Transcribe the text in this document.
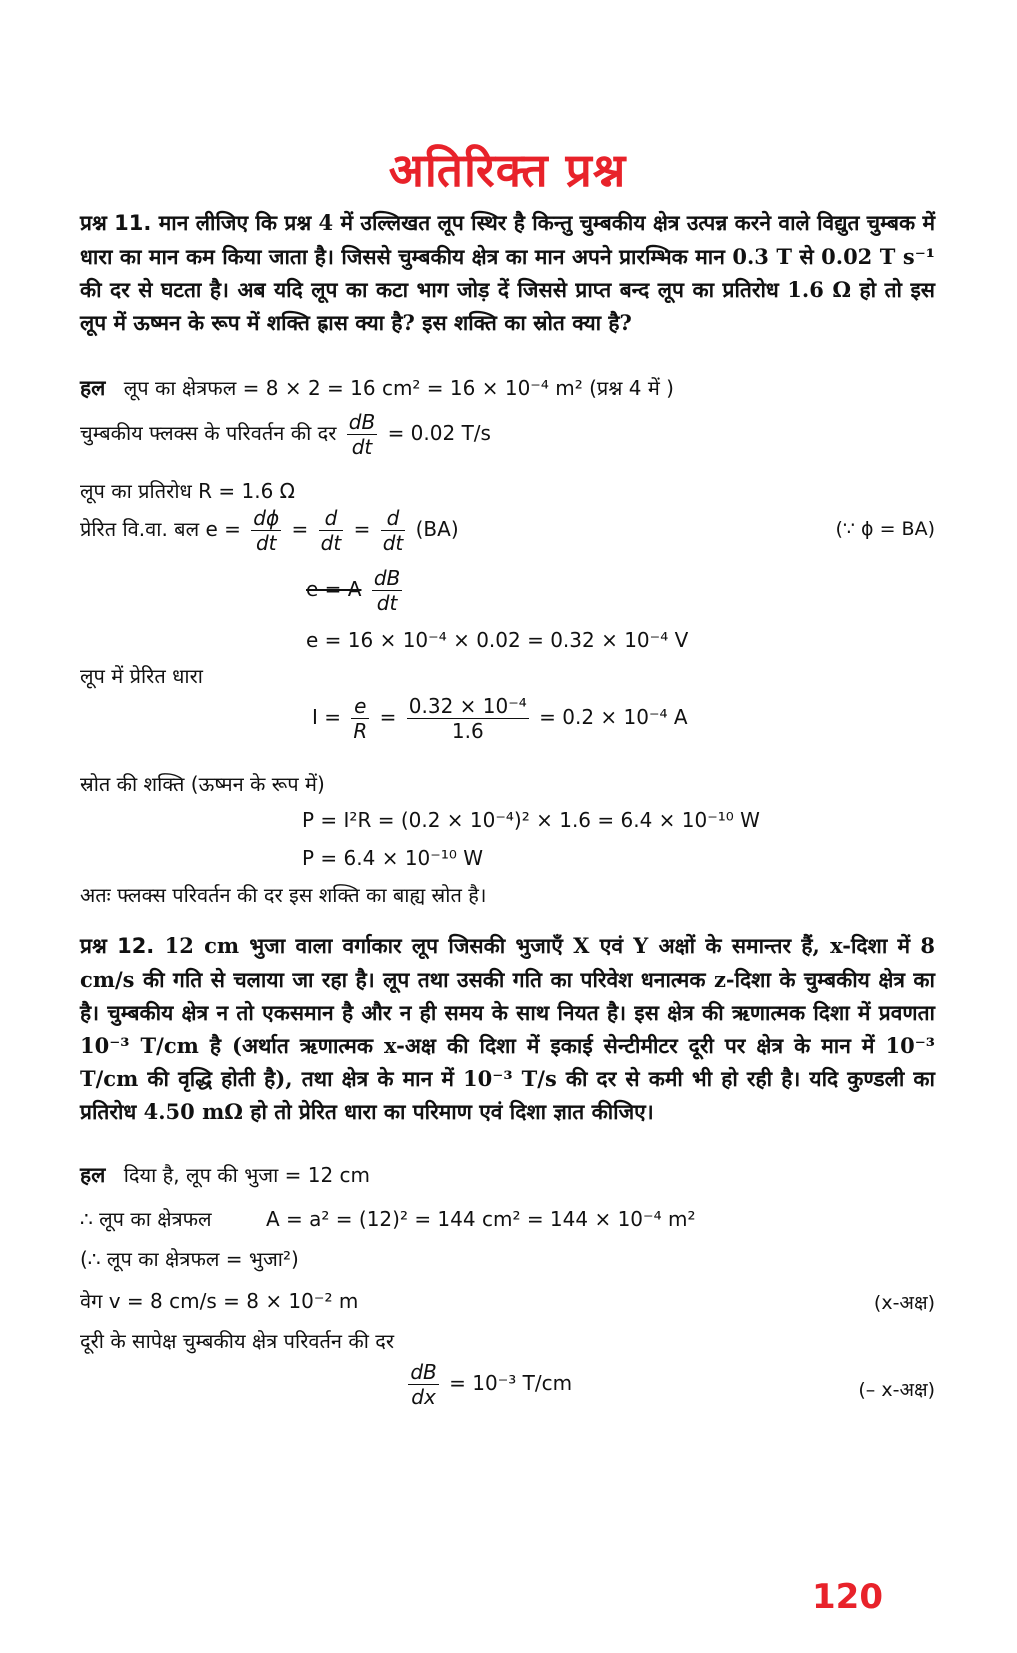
अतिरिक्त प्रश्न
प्रश्न 11. मान लीजिए कि प्रश्न 4 में उल्लिखत लूप स्थिर है किन्तु चुम्बकीय क्षेत्र उत्पन्न करने वाले विद्युत चुम्बक में धारा का मान कम किया जाता है। जिससे चुम्बकीय क्षेत्र का मान अपने प्रारम्भिक मान 0.3 T से 0.02 T s⁻¹ की दर से घटता है। अब यदि लूप का कटा भाग जोड़ दें जिससे प्राप्त बन्द लूप का प्रतिरोध 1.6 Ω हो तो इस लूप में ऊष्मन के रूप में शक्ति ह्रास क्या है? इस शक्ति का स्रोत क्या है?
हल लूप का क्षेत्रफल = 8 × 2 = 16 cm² = 16 × 10⁻⁴ m² (प्रश्न 4 में )
चुम्बकीय फ्लक्स के परिवर्तन की दर $\frac{dB}{dt} = 0.02$ T/s
लूप का प्रतिरोध R = 1.6 Ω
प्रेरित वि.वा. बल $e = \frac{d\phi}{dt} = \frac{d}{dt} = \frac{d}{dt} (BA)$	(∵ ϕ = BA)
e = A $\frac{dB}{dt}$
e = 16 × 10⁻⁴ × 0.02 = 0.32 × 10⁻⁴ V
लूप में प्रेरित धारा
$I = \frac{e}{R} = \frac{\text{0.32 × 10⁻⁴}}{1.6} = 0.2 \times 10^{-4}$ A
स्रोत की शक्ति (ऊष्मन के रूप में)
P = I²R = (0.2 × 10⁻⁴)² × 1.6 = 6.4 × 10⁻¹⁰ W
P = 6.4 × 10⁻¹⁰ W
अतः फ्लक्स परिवर्तन की दर इस शक्ति का बाह्य स्रोत है।
प्रश्न 12. 12 cm भुजा वाला वर्गाकार लूप जिसकी भुजाएँ X एवं Y अक्षों के समान्तर हैं, x-दिशा में 8 cm/s की गति से चलाया जा रहा है। लूप तथा उसकी गति का परिवेश धनात्मक z-दिशा के चुम्बकीय क्षेत्र का है। चुम्बकीय क्षेत्र न तो एकसमान है और न ही समय के साथ नियत है। इस क्षेत्र की ऋणात्मक दिशा में प्रवणता 10⁻³ T/cm है (अर्थात ऋणात्मक x-अक्ष की दिशा में इकाई सेन्टीमीटर दूरी पर क्षेत्र के मान में 10⁻³ T/cm की वृद्धि होती है), तथा क्षेत्र के मान में 10⁻³ T/s की दर से कमी भी हो रही है। यदि कुण्डली का प्रतिरोध 4.50 mΩ हो तो प्रेरित धारा का परिमाण एवं दिशा ज्ञात कीजिए।
हल दिया है, लूप की भुजा = 12 cm
∴ लूप का क्षेत्रफल	A = a² = (12)² = 144 cm² = 144 × 10⁻⁴ m²
(∴ लूप का क्षेत्रफल = भुजा²)
वेग v = 8 cm/s = 8 × 10⁻² m	(x-अक्ष)
दूरी के सापेक्ष चुम्बकीय क्षेत्र परिवर्तन की दर

$\frac{dB}{dx} = 10^{-3}$ T/cm	(– x-अक्ष)
120
